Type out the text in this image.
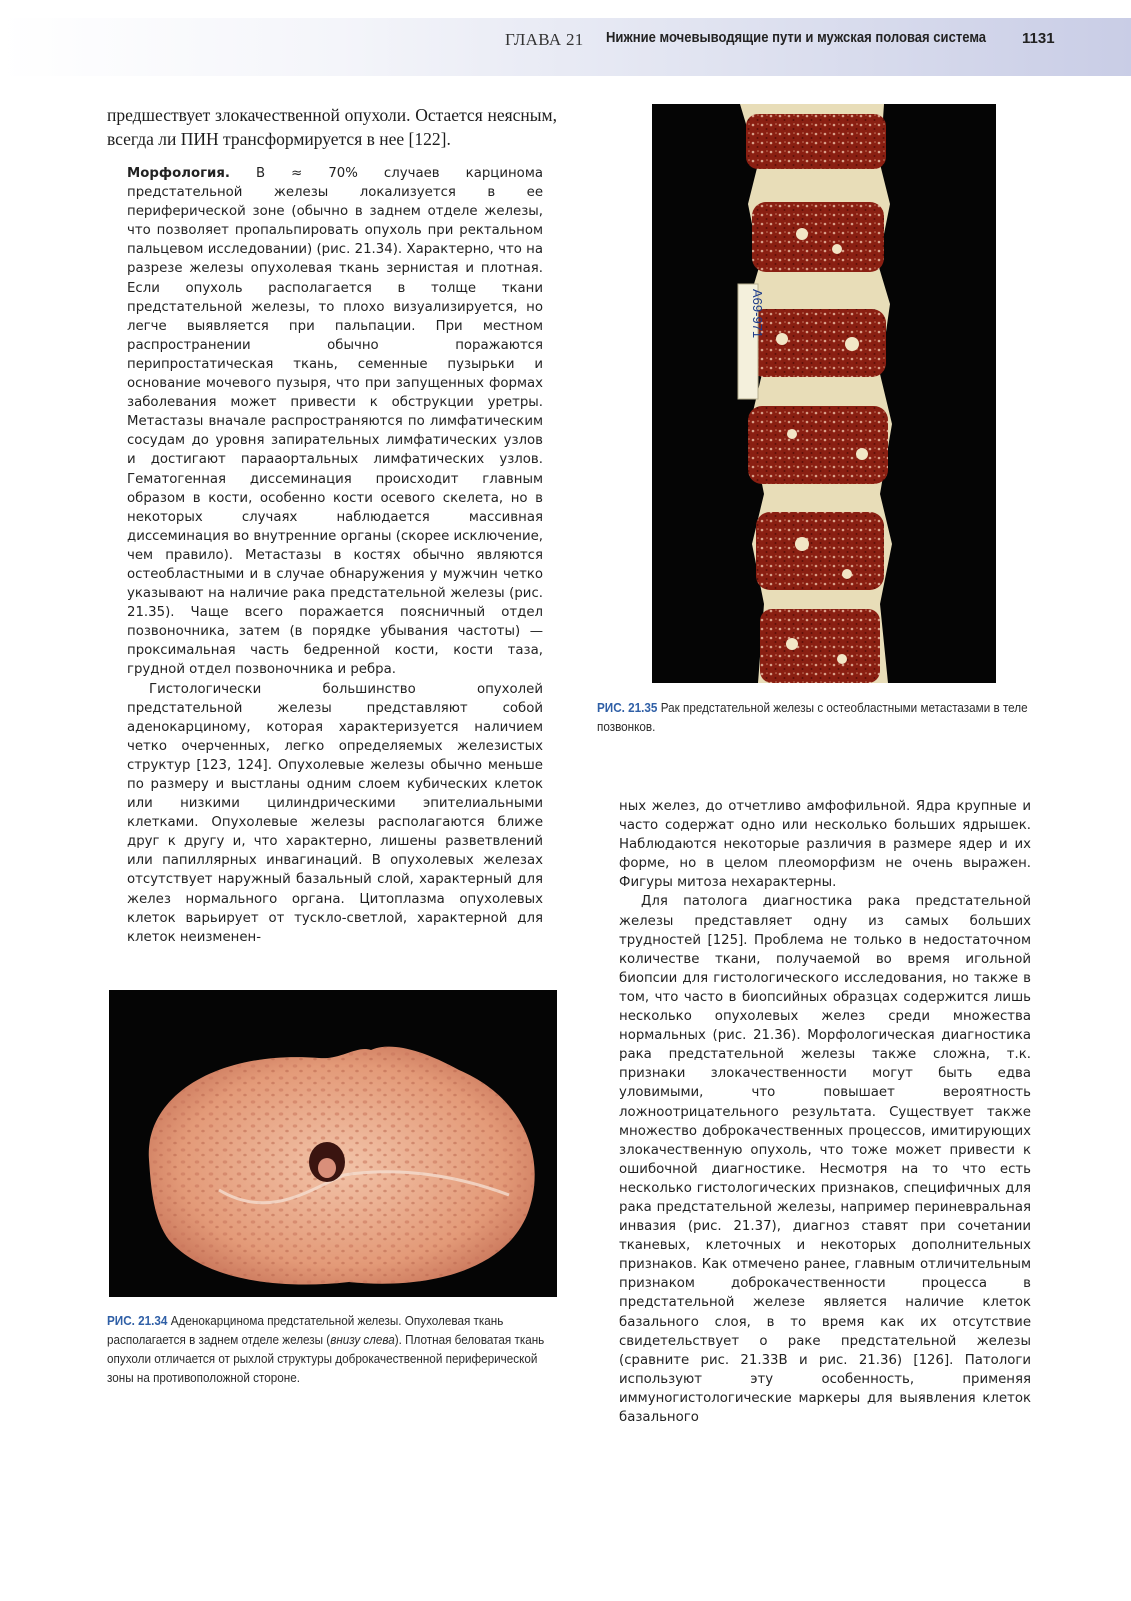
ГЛАВА 21 Нижние мочевыводящие пути и мужская половая система 1131
предшествует злокачественной опухоли. Остается неясным, всегда ли ПИН трансформируется в нее [122].

Морфология. В ≈ 70% случаев карцинома предстательной железы локализуется в ее периферической зоне (обычно в заднем отделе железы, что позволяет пропальпировать опухоль при ректальном пальцевом исследовании) (рис. 21.34). Характерно, что на разрезе железы опухолевая ткань зернистая и плотная. Если опухоль располагается в толще ткани предстательной железы, то плохо визуализируется, но легче выявляется при пальпации. При местном распространении обычно поражаются перипростатическая ткань, семенные пузырьки и основание мочевого пузыря, что при запущенных формах заболевания может привести к обструкции уретры. Метастазы вначале распространяются по лимфатическим сосудам до уровня запирательных лимфатических узлов и достигают парааортальных лимфатических узлов. Гематогенная диссеминация происходит главным образом в кости, особенно кости осевого скелета, но в некоторых случаях наблюдается массивная диссеминация во внутренние органы (скорее исключение, чем правило). Метастазы в костях обычно являются остеобластными и в случае обнаружения у мужчин четко указывают на наличие рака предстательной железы (рис. 21.35). Чаще всего поражается поясничный отдел позвоночника, затем (в порядке убывания частоты) — проксимальная часть бедренной кости, кости таза, грудной отдел позвоночника и ребра.

Гистологически большинство опухолей предстательной железы представляют собой аденокарциному, которая характеризуется наличием четко очерченных, легко определяемых железистых структур [123, 124]. Опухолевые железы обычно меньше по размеру и выстланы одним слоем кубических клеток или низкими цилиндрическими эпителиальными клетками. Опухолевые железы располагаются ближе друг к другу и, что характерно, лишены разветвлений или папиллярных инвагинаций. В опухолевых железах отсутствует наружный базальный слой, характерный для желез нормального органа. Цитоплазма опухолевых клеток варьирует от тускло-светлой, характерной для клеток неизменен-

ных желез, до отчетливо амфофильной. Ядра крупные и часто содержат одно или несколько больших ядрышек. Наблюдаются некоторые различия в размере ядер и их форме, но в целом плеоморфизм не очень выражен. Фигуры митоза нехарактерны.

Для патолога диагностика рака предстательной железы представляет одну из самых больших трудностей [125]. Проблема не только в недостаточном количестве ткани, получаемой во время игольной биопсии для гистологического исследования, но также в том, что часто в биопсийных образцах содержится лишь несколько опухолевых желез среди множества нормальных (рис. 21.36). Морфологическая диагностика рака предстательной железы также сложна, т.к. признаки злокачественности могут быть едва уловимыми, что повышает вероятность ложноотрицательного результата. Существует также множество доброкачественных процессов, имитирующих злокачественную опухоль, что тоже может привести к ошибочной диагностике. Несмотря на то что есть несколько гистологических признаков, специфичных для рака предстательной железы, например периневральная инвазия (рис. 21.37), диагноз ставят при сочетании тканевых, клеточных и некоторых дополнительных признаков. Как отмечено ранее, главным отличительным признаком доброкачественности процесса в предстательной железе является наличие клеток базального слоя, в то время как их отсутствие свидетельствует о раке предстательной железы (сравните рис. 21.33В и рис. 21.36) [126]. Патологи используют эту особенность, применяя иммуногистологические маркеры для выявления клеток базального

A69-971
РИС. 21.35 Рак предстательной железы с остеобластными метастазами в теле позвонков.
РИС. 21.34 Аденокарцинома предстательной железы. Опухолевая ткань располагается в заднем отделе железы (внизу слева). Плотная беловатая ткань опухоли отличается от рыхлой структуры доброкачественной периферической зоны на противоположной стороне.
